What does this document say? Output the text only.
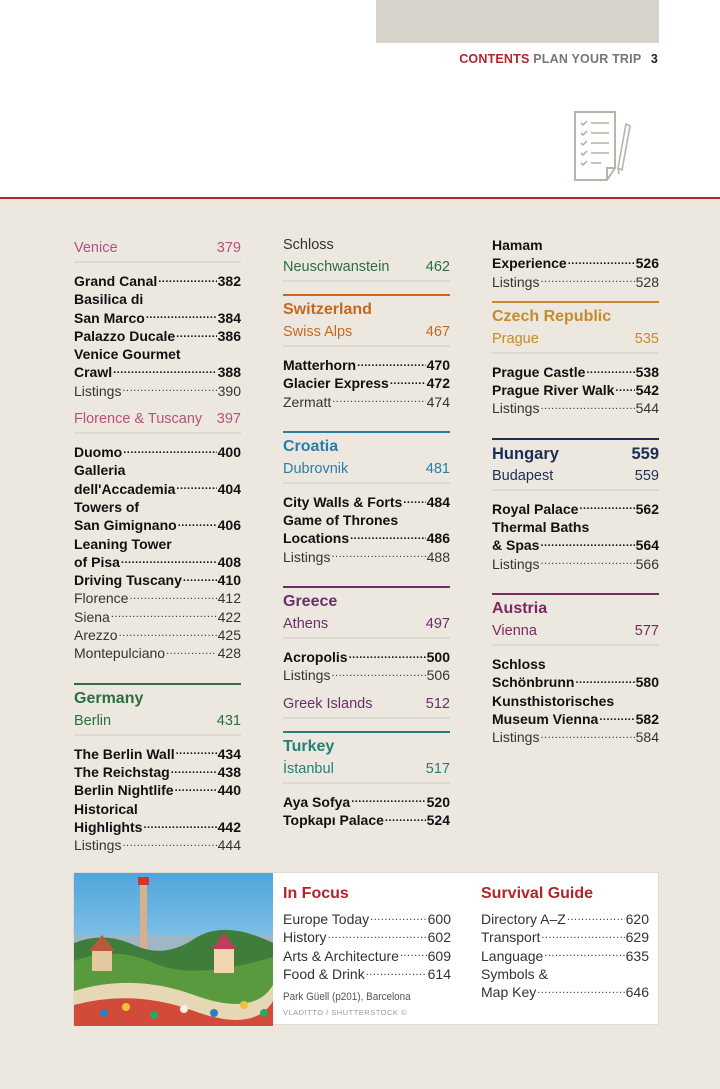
CONTENTS PLAN YOUR TRIP 3
Venice	379
Grand Canal .....	382
Basilica di
San Marco .....	384
Palazzo Ducale .....	386
Venice Gourmet
Crawl .....	388
Listings .....	390
Florence & Tuscany 397
Duomo .....	400
Galleria
dell'Accademia .....	404
Towers of
San Gimignano .....	406
Leaning Tower
of Pisa .....	408
Driving Tuscany .....	410
Florence .....	412
Siena .....	422
Arezzo .....	425
Montepulciano .....	428
Germany
Berlin	431
The Berlin Wall .....	434
The Reichstag .....	438
Berlin Nightlife .....	440
Historical
Highlights .....	442
Listings .....	444
Schloss
Neuschwanstein	462
Switzerland
Swiss Alps	467
Matterhorn .....	470
Glacier Express .....	472
Zermatt .....	474
Croatia
Dubrovnik	481
City Walls & Forts ..... 484
Game of Thrones
Locations .....	486
Listings .....	488
Greece
Athens	497
Acropolis .....	500
Listings .....	506
Greek Islands	512
Turkey
İstanbul	517
Aya Sofya .....	520
Topkapı Palace .....	524
Hamam
Experience .....	526
Listings .....	528
Czech Republic
Prague	535
Prague Castle .....	538
Prague River Walk ..... 542
Listings .....	544
Hungary	559
Budapest	559
Royal Palace .....	562
Thermal Baths
& Spas .....	564
Listings .....	566
Austria
Vienna	577
Schloss
Schönbrunn .....	580
Kunsthistorisches
Museum Vienna .....	582
Listings .....	584
In Focus
Europe Today .....	600
History .....	602
Arts & Architecture ..... 609
Food & Drink .....	614
Park Güell (p201), Barcelona
VLADITTO / SHUTTERSTOCK ©
Survival Guide
Directory A–Z .....	620
Transport .....	629
Language .....	635
Symbols &
Map Key .....	646
